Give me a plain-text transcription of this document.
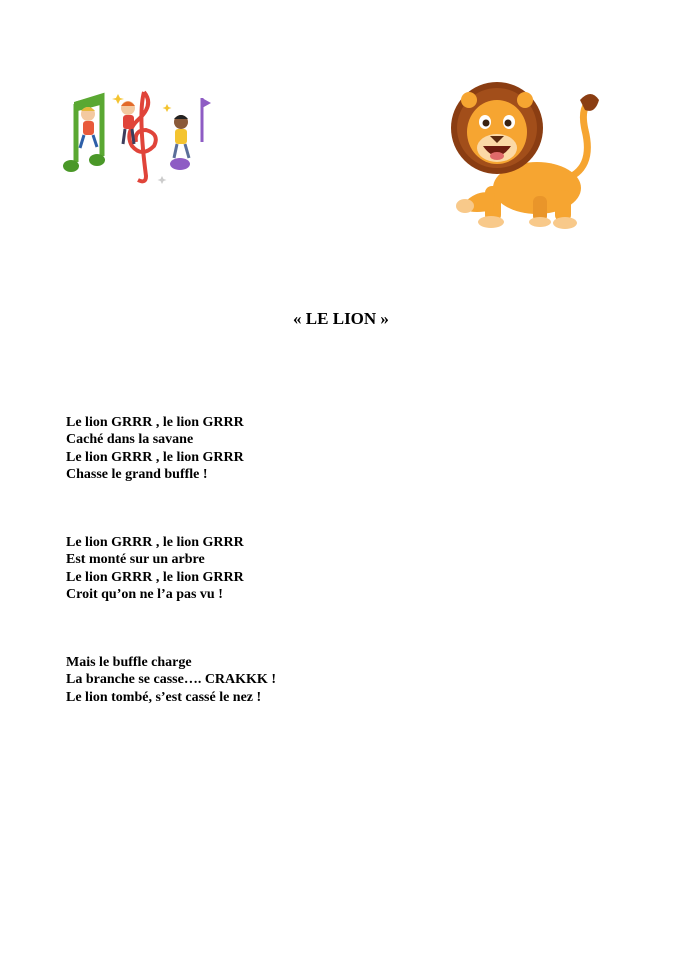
« LE LION »
Le lion GRRR , le lion GRRR
Caché dans la savane
Le lion GRRR , le lion GRRR
Chasse le grand buffle !
Le lion GRRR , le lion GRRR
Est monté sur un arbre
Le lion GRRR , le lion GRRR
Croit qu’on ne l’a pas vu !
Mais le buffle charge
La branche se casse…. CRAKKK !
Le lion tombé, s’est cassé le nez !
